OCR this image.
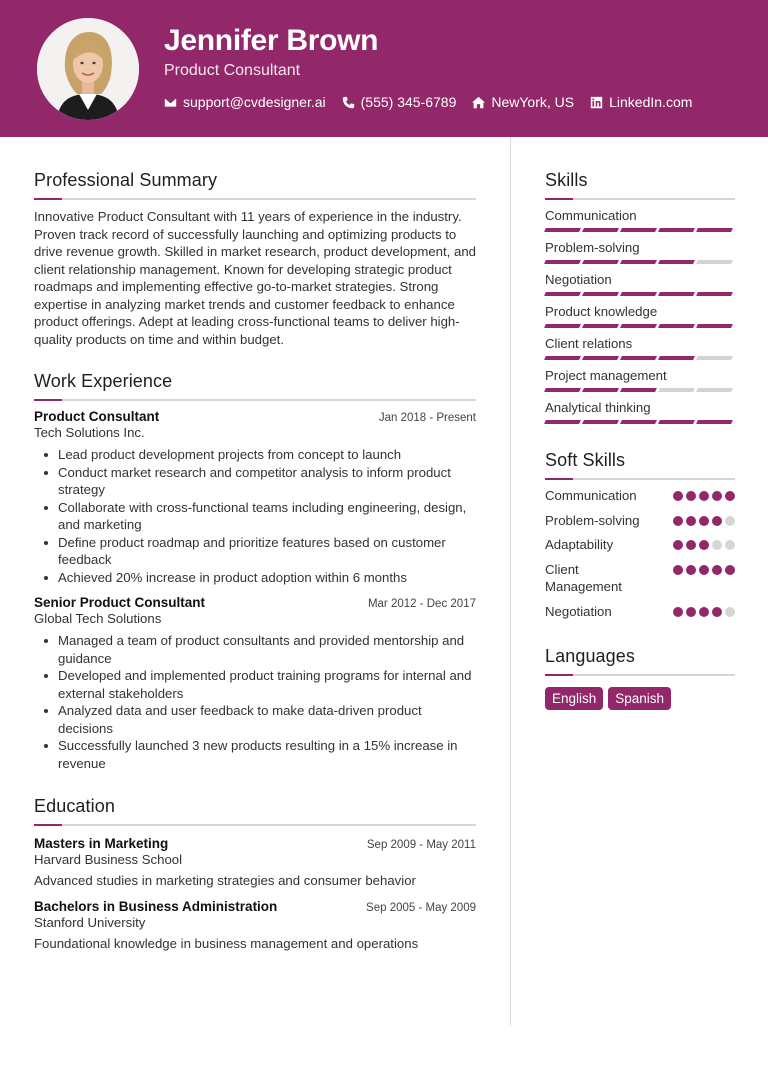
Jennifer Brown
Product Consultant
support@cvdesigner.ai	(555) 345-6789	NewYork, US	LinkedIn.com
Professional Summary

Innovative Product Consultant with 11 years of experience in the industry. Proven track record of successfully launching and optimizing products to drive revenue growth. Skilled in market research, product development, and client relationship management. Known for developing strategic product roadmaps and implementing effective go-to-market strategies. Strong expertise in analyzing market trends and customer feedback to enhance product offerings. Adept at leading cross-functional teams to deliver high-quality products on time and within budget.

Work Experience
Product Consultant	Jan 2018 - Present
Tech Solutions Inc.
Lead product development projects from concept to launch
Conduct market research and competitor analysis to inform product strategy
Collaborate with cross-functional teams including engineering, design, and marketing
Define product roadmap and prioritize features based on customer feedback
Achieved 20% increase in product adoption within 6 months
Senior Product Consultant	Mar 2012 - Dec 2017
Global Tech Solutions
Managed a team of product consultants and provided mentorship and guidance
Developed and implemented product training programs for internal and external stakeholders
Analyzed data and user feedback to make data-driven product decisions
Successfully launched 3 new products resulting in a 15% increase in revenue
Education
Masters in Marketing	Sep 2009 - May 2011
Harvard Business School
Advanced studies in marketing strategies and consumer behavior
Bachelors in Business Administration	Sep 2005 - May 2009
Stanford University
Foundational knowledge in business management and operations
Skills
Communication
Problem-solving
Negotiation
Product knowledge
Client relations
Project management
Analytical thinking
Soft Skills
Communication
Problem-solving
Adaptability
Client Management
Negotiation
Languages
English	Spanish
